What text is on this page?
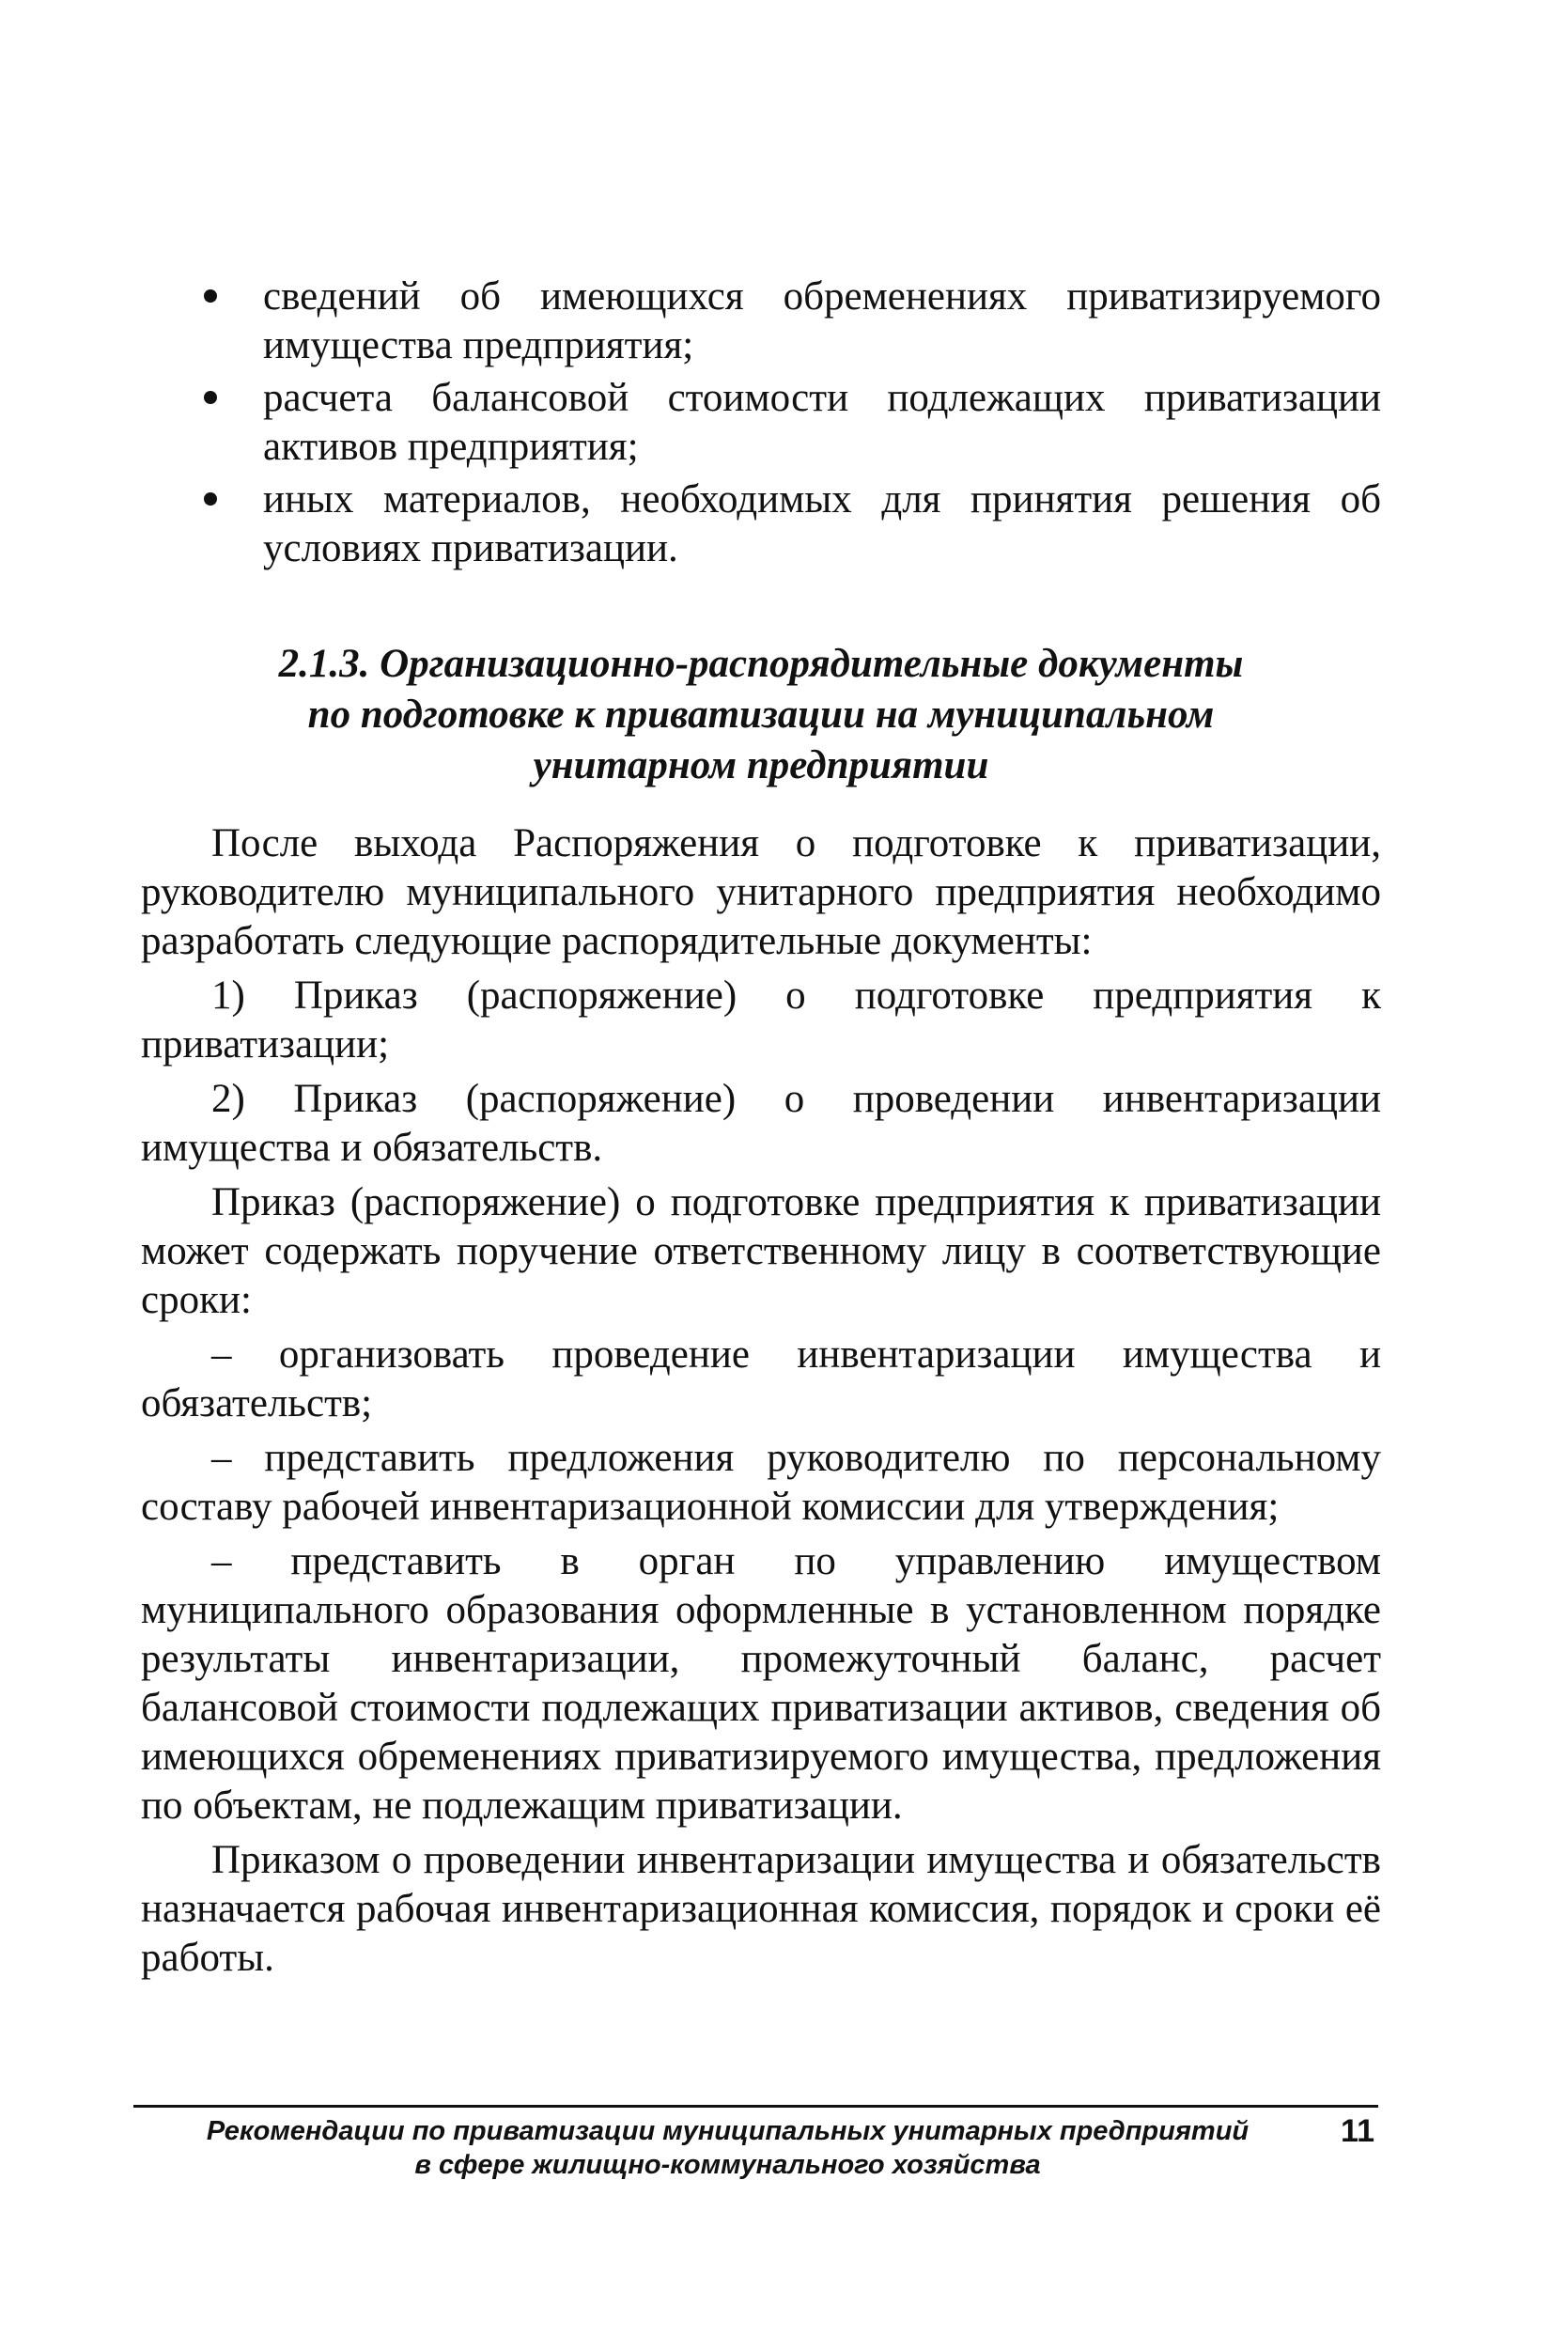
сведений об имеющихся обременениях приватизируемого имущества предприятия;
расчета балансовой стоимости подлежащих приватизации активов предприятия;
иных материалов, необходимых для принятия решения об условиях приватизации.
2.1.3. Организационно-распорядительные документы
по подготовке к приватизации на муниципальном
унитарном предприятии

После выхода Распоряжения о подготовке к приватизации, руководителю муниципального унитарного предприятия необходимо разработать следующие распорядительные документы:

1) Приказ (распоряжение) о подготовке предприятия к приватизации;

2) Приказ (распоряжение) о проведении инвентаризации имущества и обязательств.

Приказ (распоряжение) о подготовке предприятия к приватизации может содержать поручение ответственному лицу в соответствующие сроки:

– организовать проведение инвентаризации имущества и обязательств;

– представить предложения руководителю по персональному составу рабочей инвентаризационной комиссии для утверждения;

– представить в орган по управлению имуществом муниципального образования оформленные в установленном порядке результаты инвентаризации, промежуточный баланс, расчет балансовой стоимости подлежащих приватизации активов, сведения об имеющихся обременениях приватизируемого имущества, предложения по объектам, не подлежащим приватизации.

Приказом о проведении инвентаризации имущества и обязательств назначается рабочая инвентаризационная комиссия, порядок и сроки её работы.

Рекомендации по приватизации муниципальных унитарных предприятий
в сфере жилищно-коммунального хозяйства
11
